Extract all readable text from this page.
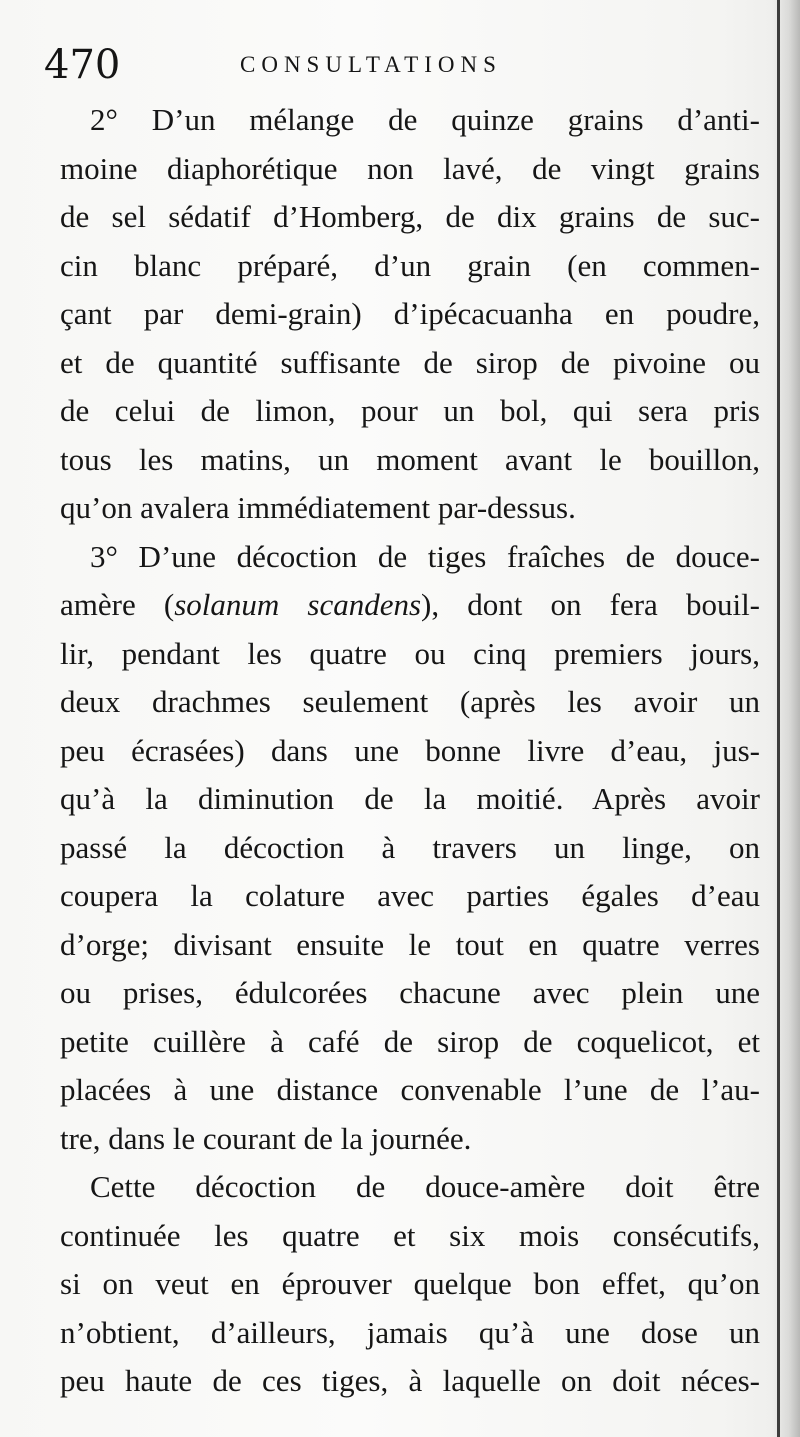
470	CONSULTATIONS
2° D’un mélange de quinze grains d’anti-
moine diaphorétique non lavé, de vingt grains
de sel sédatif d’Homberg, de dix grains de suc-
cin blanc préparé, d’un grain (en commen-
çant par demi-grain) d’ipécacuanha en poudre,
et de quantité suffisante de sirop de pivoine ou
de celui de limon, pour un bol, qui sera pris
tous les matins, un moment avant le bouillon,
qu’on avalera immédiatement par-dessus.
3° D’une décoction de tiges fraîches de douce-
amère (solanum scandens), dont on fera bouil-
lir, pendant les quatre ou cinq premiers jours,
deux drachmes seulement (après les avoir un
peu écrasées) dans une bonne livre d’eau, jus-
qu’à la diminution de la moitié. Après avoir
passé la décoction à travers un linge, on
coupera la colature avec parties égales d’eau
d’orge; divisant ensuite le tout en quatre verres
ou prises, édulcorées chacune avec plein une
petite cuillère à café de sirop de coquelicot, et
placées à une distance convenable l’une de l’au-
tre, dans le courant de la journée.
Cette décoction de douce-amère doit être
continuée les quatre et six mois consécutifs,
si on veut en éprouver quelque bon effet, qu’on
n’obtient, d’ailleurs, jamais qu’à une dose un
peu haute de ces tiges, à laquelle on doit néces-
